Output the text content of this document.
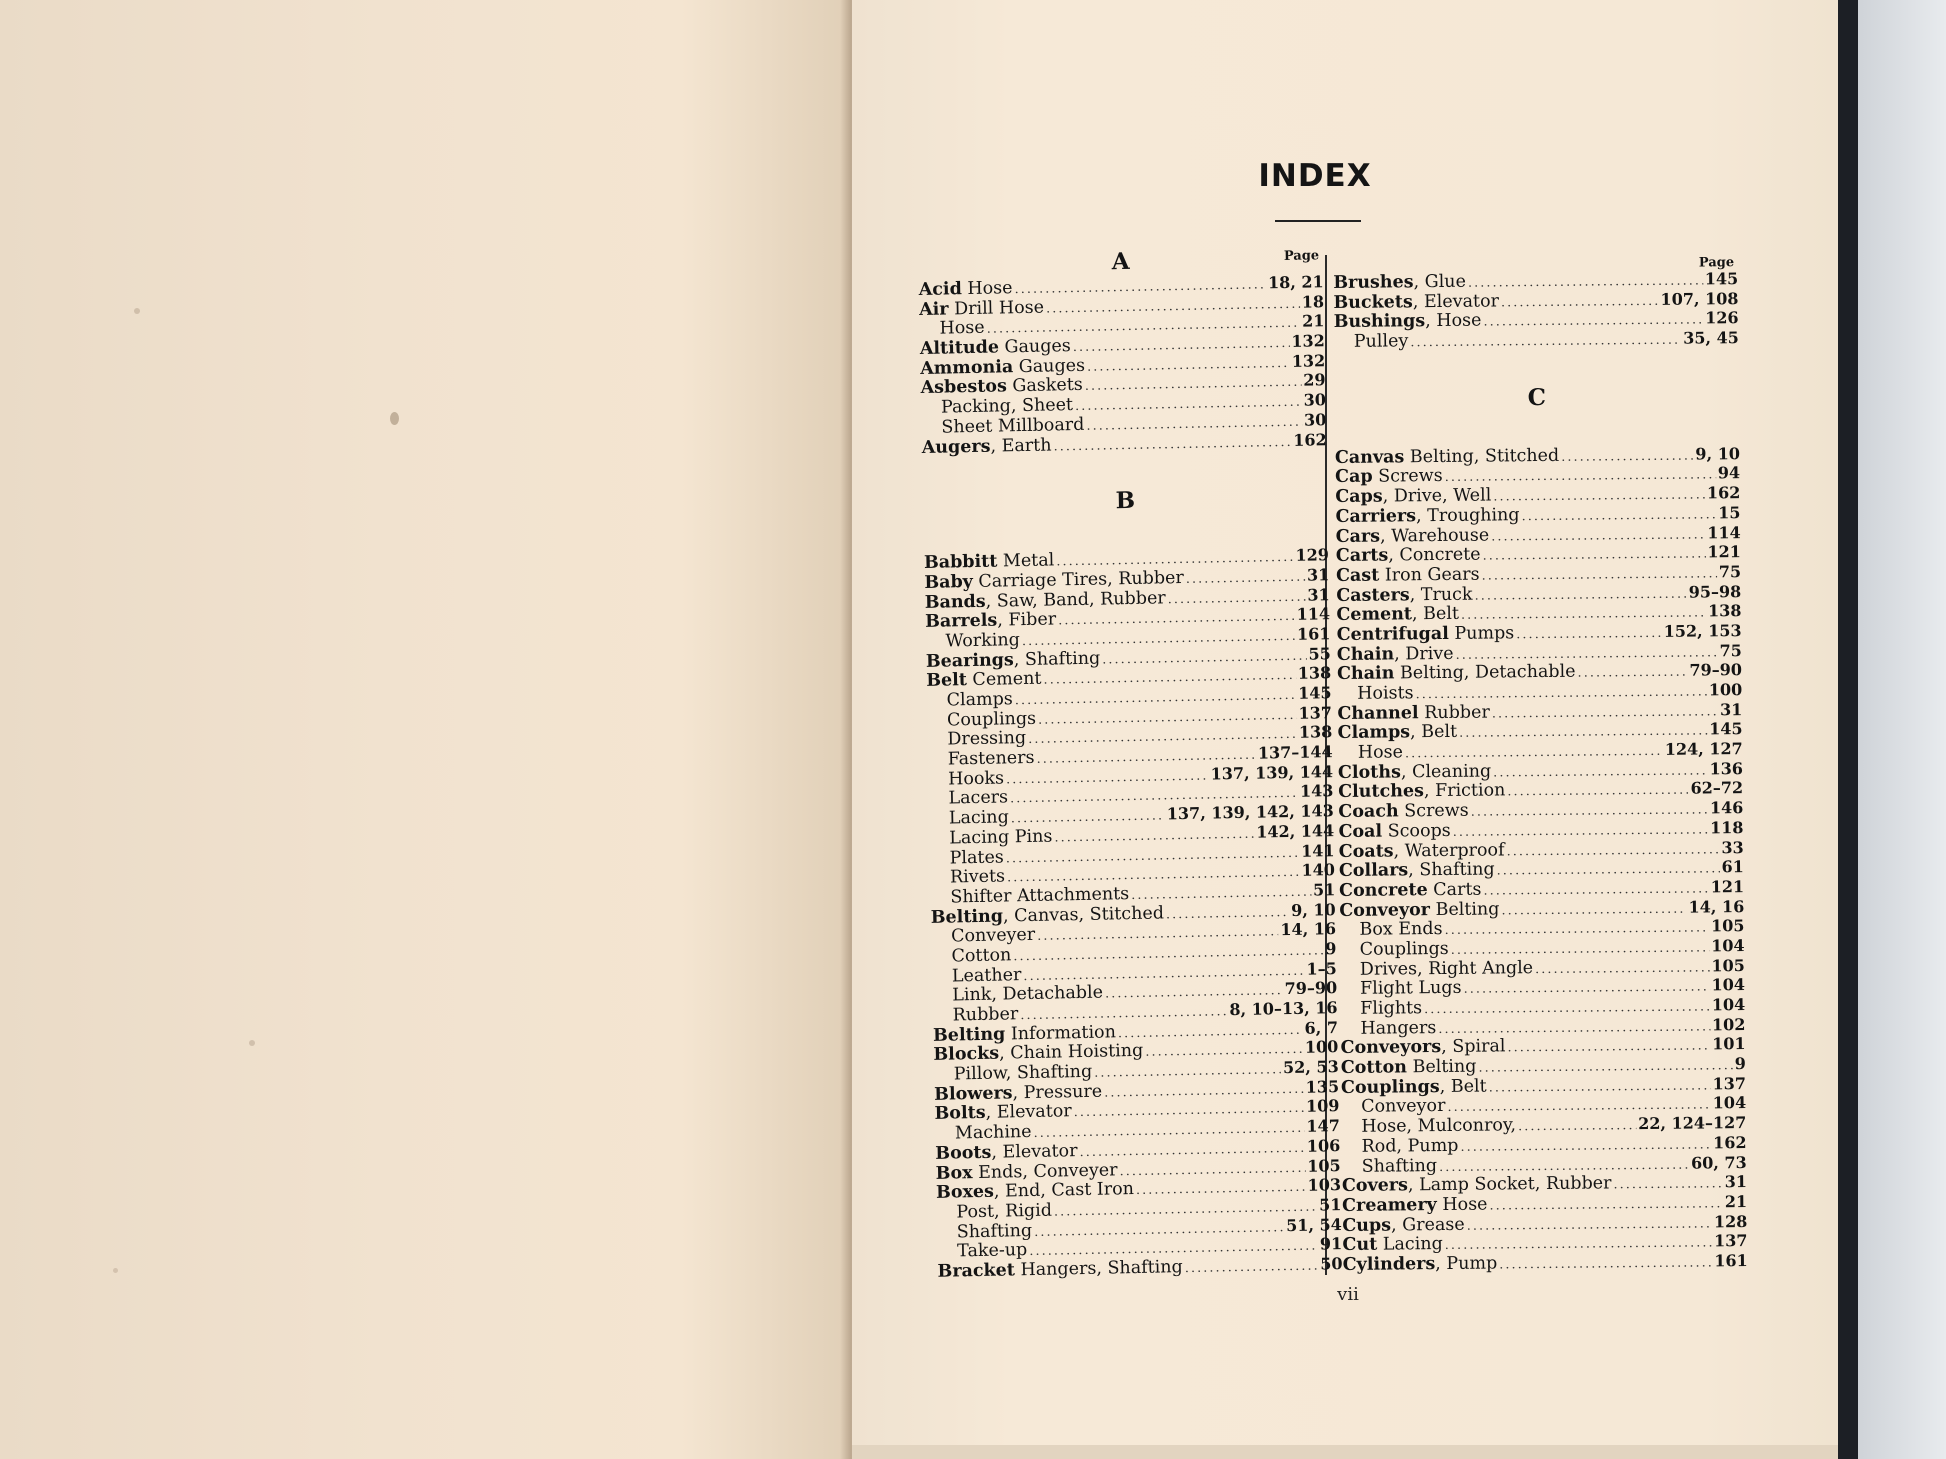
INDEX
A	Page
Acid Hose .....	18, 21
Air Drill Hose .....	18
Hose .....	21
Altitude Gauges .....	132
Ammonia Gauges .....	132
Asbestos Gaskets .....	29
Packing, Sheet .....	30
Sheet Millboard .....	30
Augers , Earth .....	162
B
Babbitt Metal .....	129
Baby Carriage Tires, Rubber .....	31
Bands , Saw, Band, Rubber .....	31
Barrels , Fiber .....	114
Working .....	161
Bearings , Shafting .....	55
Belt Cement .....	138
Clamps .....	145
Couplings .....	137
Dressing .....	138
Fasteners .....	137–144
Hooks .....	137, 139, 144
Lacers .....	143
Lacing .....	137, 139, 142, 143
Lacing Pins .....	142, 144
Plates .....	141
Rivets .....	140
Shifter Attachments .....	51
Belting , Canvas, Stitched .....	9, 10
Conveyer .....	14, 16
Cotton .....	9
Leather .....	1–5
Link, Detachable .....	79–90
Rubber .....	8, 10–13, 16
Belting Information .....	6, 7
Blocks , Chain Hoisting .....	100
Pillow, Shafting .....	52, 53
Blowers , Pressure .....	135
Bolts , Elevator .....	109
Machine .....	147
Boots , Elevator .....	106
Box Ends, Conveyer .....	105
Boxes , End, Cast Iron .....	103
Post, Rigid .....	51
Shafting .....	51, 54
Take-up .....	91
Bracket Hangers, Shafting .....	50
Page
Brushes , Glue .....	145
Buckets , Elevator .....	107, 108
Bushings , Hose .....	126
Pulley .....	35, 45
C
Canvas Belting, Stitched .....	9, 10
Cap Screws .....	94
Caps , Drive, Well .....	162
Carriers , Troughing .....	15
Cars , Warehouse .....	114
Carts , Concrete .....	121
Cast Iron Gears .....	75
Casters , Truck .....	95–98
Cement , Belt .....	138
Centrifugal Pumps .....	152, 153
Chain , Drive .....	75
Chain Belting, Detachable .....	79–90
Hoists .....	100
Channel Rubber .....	31
Clamps , Belt .....	145
Hose .....	124, 127
Cloths , Cleaning .....	136
Clutches , Friction .....	62–72
Coach Screws .....	146
Coal Scoops .....	118
Coats , Waterproof .....	33
Collars , Shafting .....	61
Concrete Carts .....	121
Conveyor Belting .....	14, 16
Box Ends .....	105
Couplings .....	104
Drives, Right Angle .....	105
Flight Lugs .....	104
Flights .....	104
Hangers .....	102
Conveyors , Spiral .....	101
Cotton Belting .....	9
Couplings , Belt .....	137
Conveyor .....	104
Hose, Mulconroy, .....	22, 124–127
Rod, Pump .....	162
Shafting .....	60, 73
Covers , Lamp Socket, Rubber .....	31
Creamery Hose .....	21
Cups , Grease .....	128
Cut Lacing .....	137
Cylinders , Pump .....	161
vii
